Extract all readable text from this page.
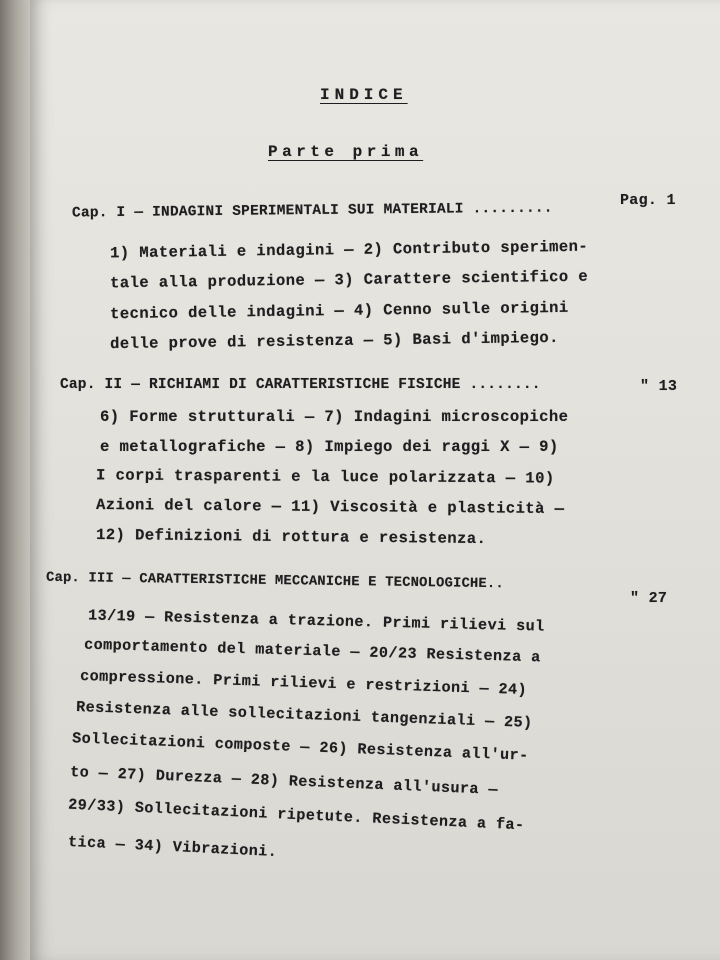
INDICE
Parte prima
Cap. I — INDAGINI SPERIMENTALI SUI MATERIALI .........	Pag. 1
1) Materiali e indagini — 2) Contributo sperimen-
tale alla produzione — 3) Carattere scientifico e
tecnico delle indagini — 4) Cenno sulle origini
delle prove di resistenza — 5) Basi d'impiego.
Cap. II — RICHIAMI DI CARATTERISTICHE FISICHE ........	" 13
6) Forme strutturali — 7) Indagini microscopiche
e metallografiche — 8) Impiego dei raggi X — 9)
I corpi trasparenti e la luce polarizzata — 10)
Azioni del calore — 11) Viscosità e plasticità —
12) Definizioni di rottura e resistenza.
Cap. III — CARATTERISTICHE MECCANICHE E TECNOLOGICHE..
" 27
13/19 — Resistenza a trazione. Primi rilievi sul
comportamento del materiale — 20/23 Resistenza a
compressione. Primi rilievi e restrizioni — 24)
Resistenza alle sollecitazioni tangenziali — 25)
Sollecitazioni composte — 26) Resistenza all'ur-
to — 27) Durezza — 28) Resistenza all'usura —
29/33) Sollecitazioni ripetute. Resistenza a fa-
tica — 34) Vibrazioni.
